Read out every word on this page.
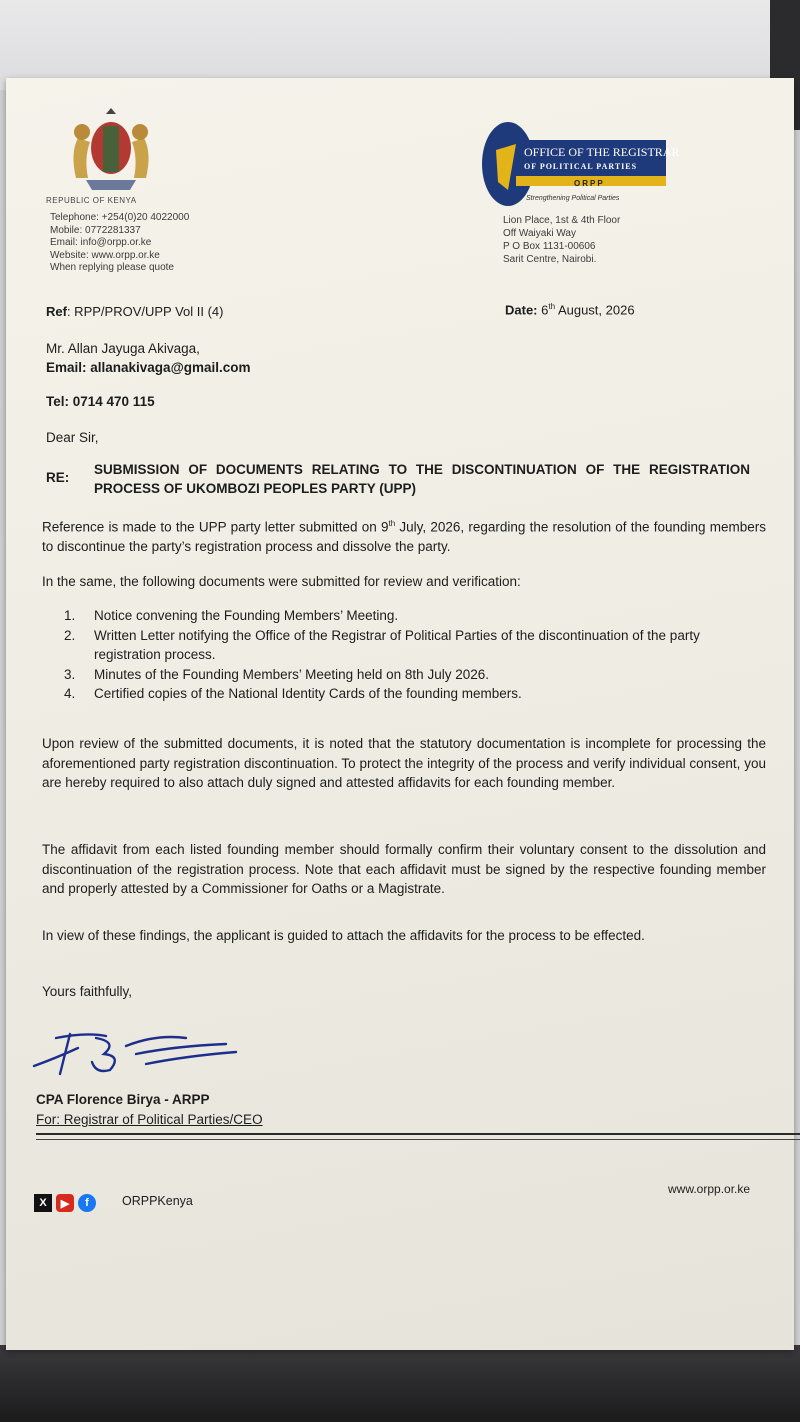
REPUBLIC OF KENYA
Telephone: +254(0)20 4022000
Mobile: 0772281337
Email: info@orpp.or.ke
Website: www.orpp.or.ke
When replying please quote
OFFICE OF THE REGISTRAR
OF POLITICAL PARTIES
ORPP
Strengthening Political Parties
Lion Place, 1st & 4th Floor
Off Waiyaki Way
P O Box 1131-00606
Sarit Centre, Nairobi.
Ref: RPP/PROV/UPP Vol II (4)	Date: 6th August, 2026
Mr. Allan Jayuga Akivaga,
Email: allanakivaga@gmail.com
Tel: 0714 470 115
Dear Sir,
RE:
SUBMISSION OF DOCUMENTS RELATING TO THE DISCONTINUATION OF THE REGISTRATION PROCESS OF UKOMBOZI PEOPLES PARTY (UPP)
Reference is made to the UPP party letter submitted on 9th July, 2026, regarding the resolution of the founding members to discontinue the party’s registration process and dissolve the party.
In the same, the following documents were submitted for review and verification:
1.	Notice convening the Founding Members’ Meeting.
2.	Written Letter notifying the Office of the Registrar of Political Parties of the discontinuation of the party registration process.
3.	Minutes of the Founding Members’ Meeting held on 8th July 2026.
4.	Certified copies of the National Identity Cards of the founding members.
Upon review of the submitted documents, it is noted that the statutory documentation is incomplete for processing the aforementioned party registration discontinuation. To protect the integrity of the process and verify individual consent, you are hereby required to also attach duly signed and attested affidavits for each founding member.
The affidavit from each listed founding member should formally confirm their voluntary consent to the dissolution and discontinuation of the registration process. Note that each affidavit must be signed by the respective founding member and properly attested by a Commissioner for Oaths or a Magistrate.
In view of these findings, the applicant is guided to attach the affidavits for the process to be effected.
Yours faithfully,
CPA Florence Birya - ARPP
For: Registrar of Political Parties/CEO
X	▶	f	ORPPKenya
www.orpp.or.ke
